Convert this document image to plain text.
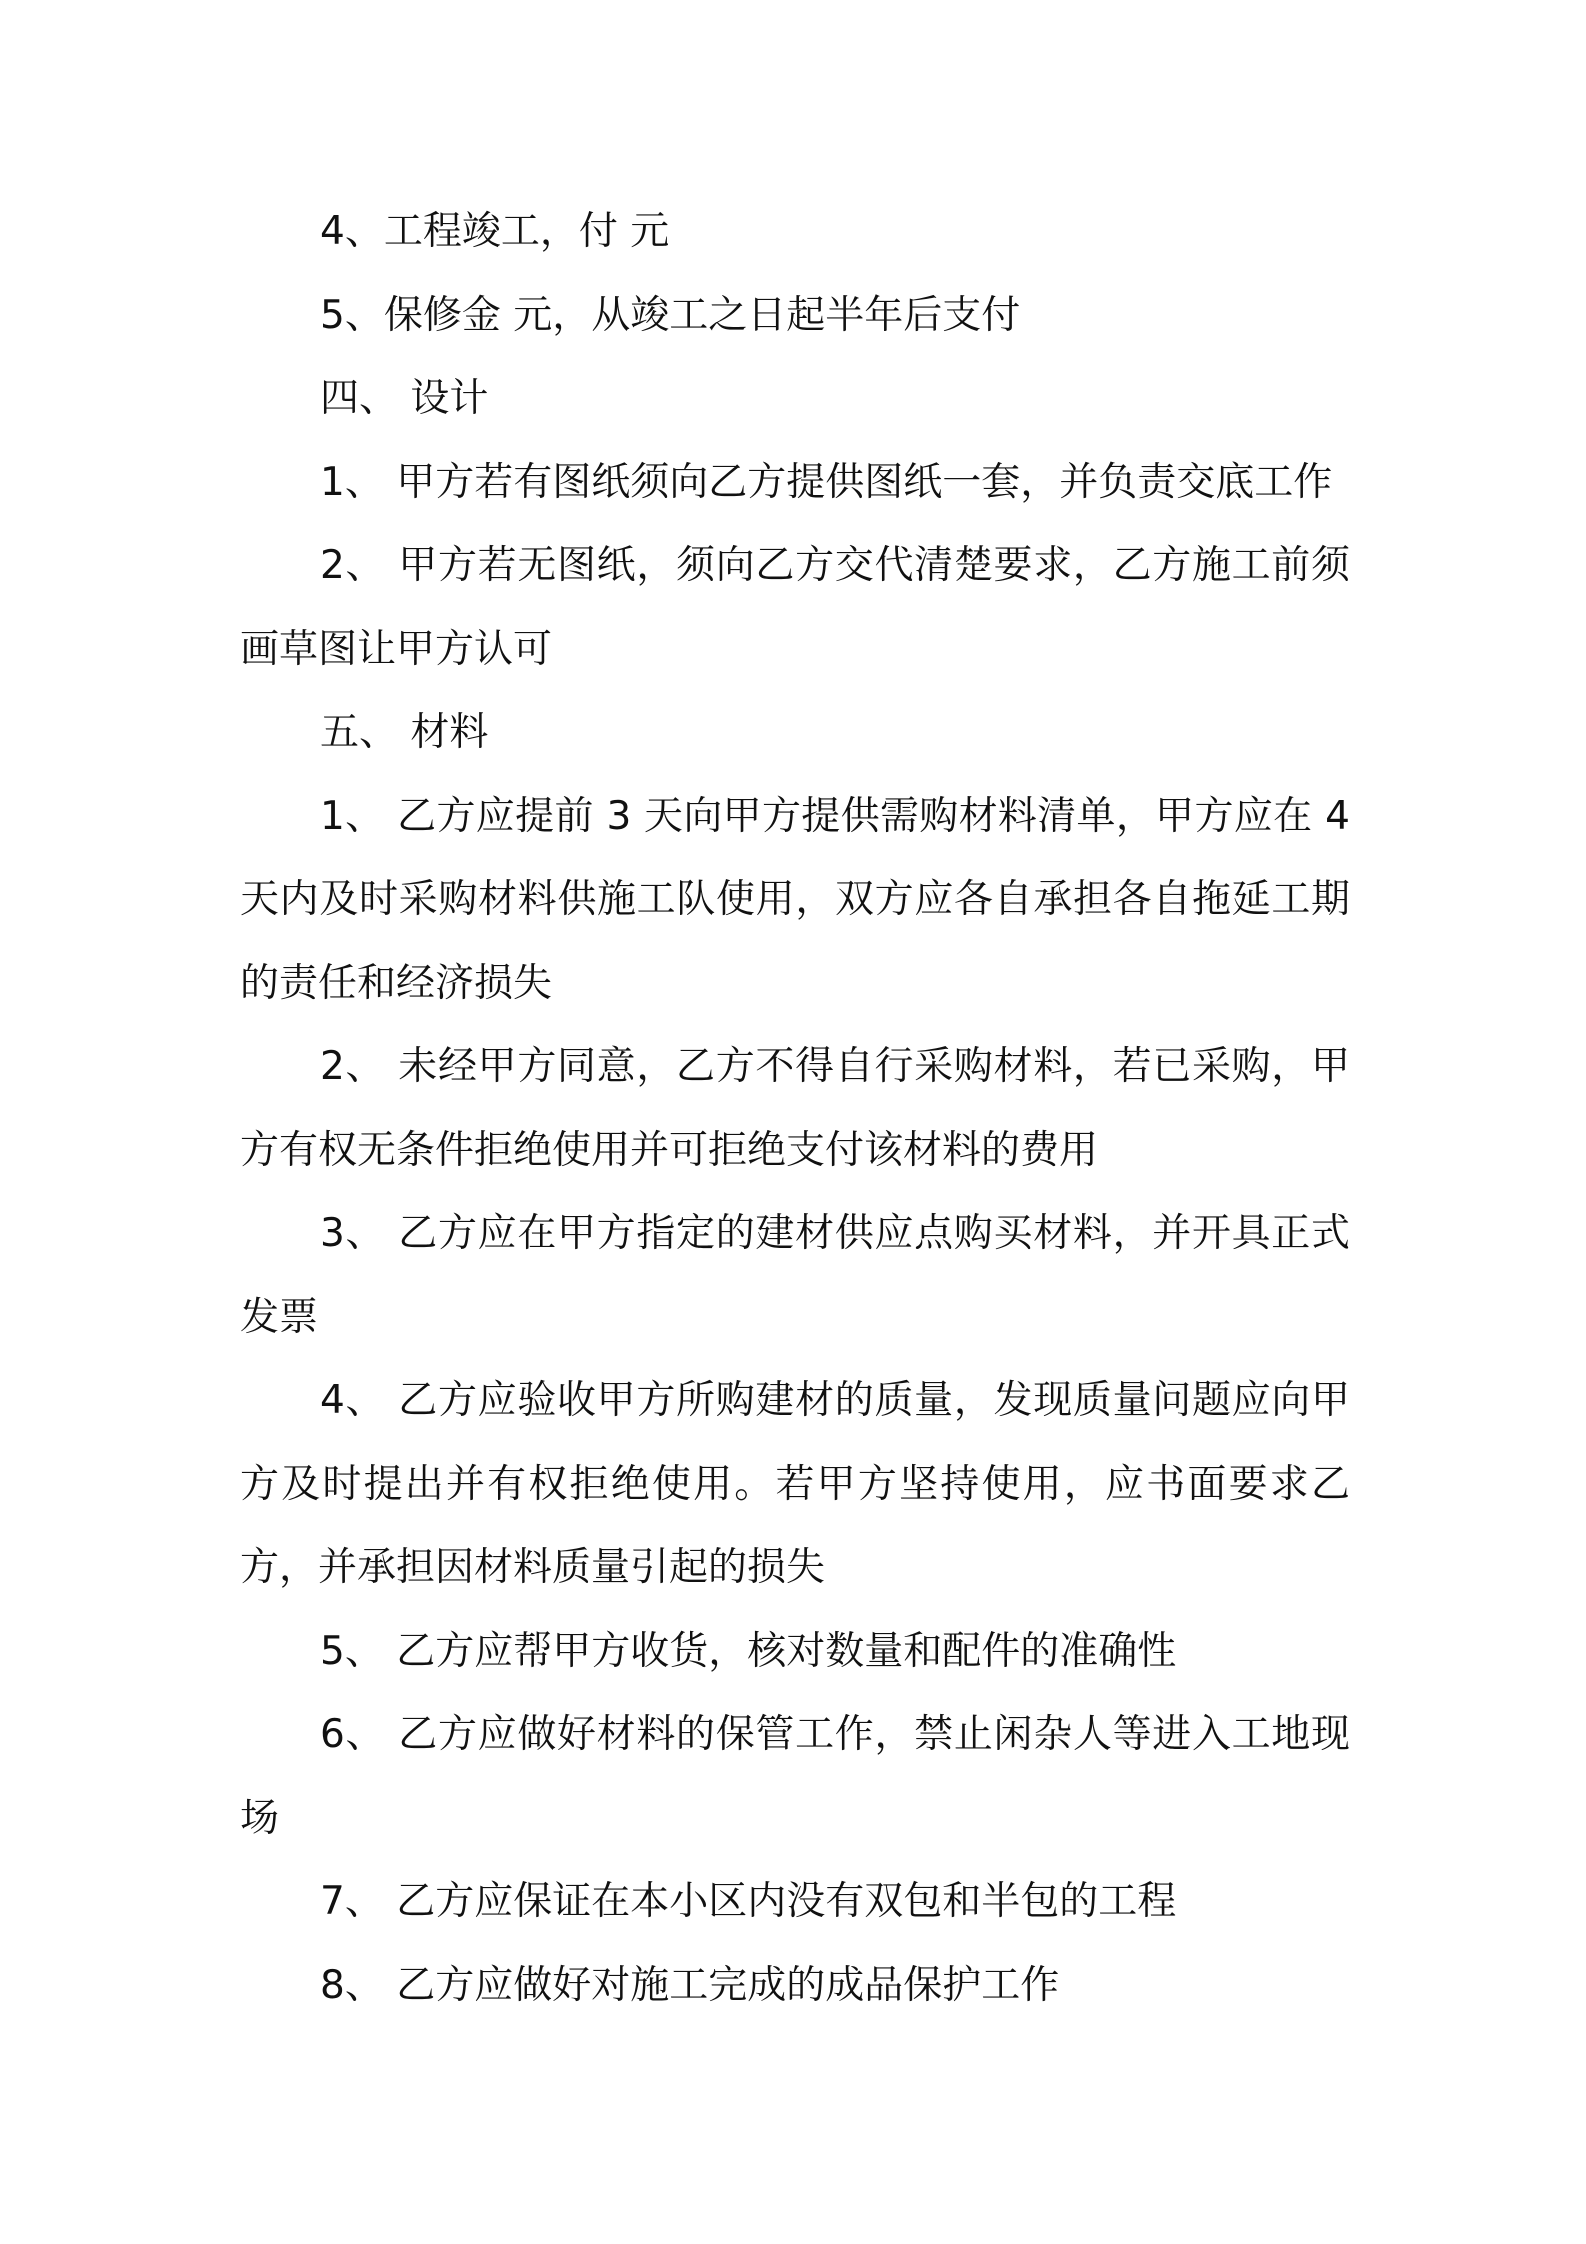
4、工程竣工，付 元

5、保修金 元，从竣工之日起半年后支付

四、 设计

1、 甲方若有图纸须向乙方提供图纸一套，并负责交底工作

2、 甲方若无图纸，须向乙方交代清楚要求，乙方施工前须画草图让甲方认可

五、 材料

1、 乙方应提前 3 天向甲方提供需购材料清单，甲方应在 4 天内及时采购材料供施工队使用，双方应各自承担各自拖延工期的责任和经济损失

2、 未经甲方同意，乙方不得自行采购材料，若已采购，甲方有权无条件拒绝使用并可拒绝支付该材料的费用

3、 乙方应在甲方指定的建材供应点购买材料，并开具正式发票

4、 乙方应验收甲方所购建材的质量，发现质量问题应向甲方及时提出并有权拒绝使用。若甲方坚持使用，应书面要求乙方，并承担因材料质量引起的损失

5、 乙方应帮甲方收货，核对数量和配件的准确性

6、 乙方应做好材料的保管工作，禁止闲杂人等进入工地现场

7、 乙方应保证在本小区内没有双包和半包的工程

8、 乙方应做好对施工完成的成品保护工作
